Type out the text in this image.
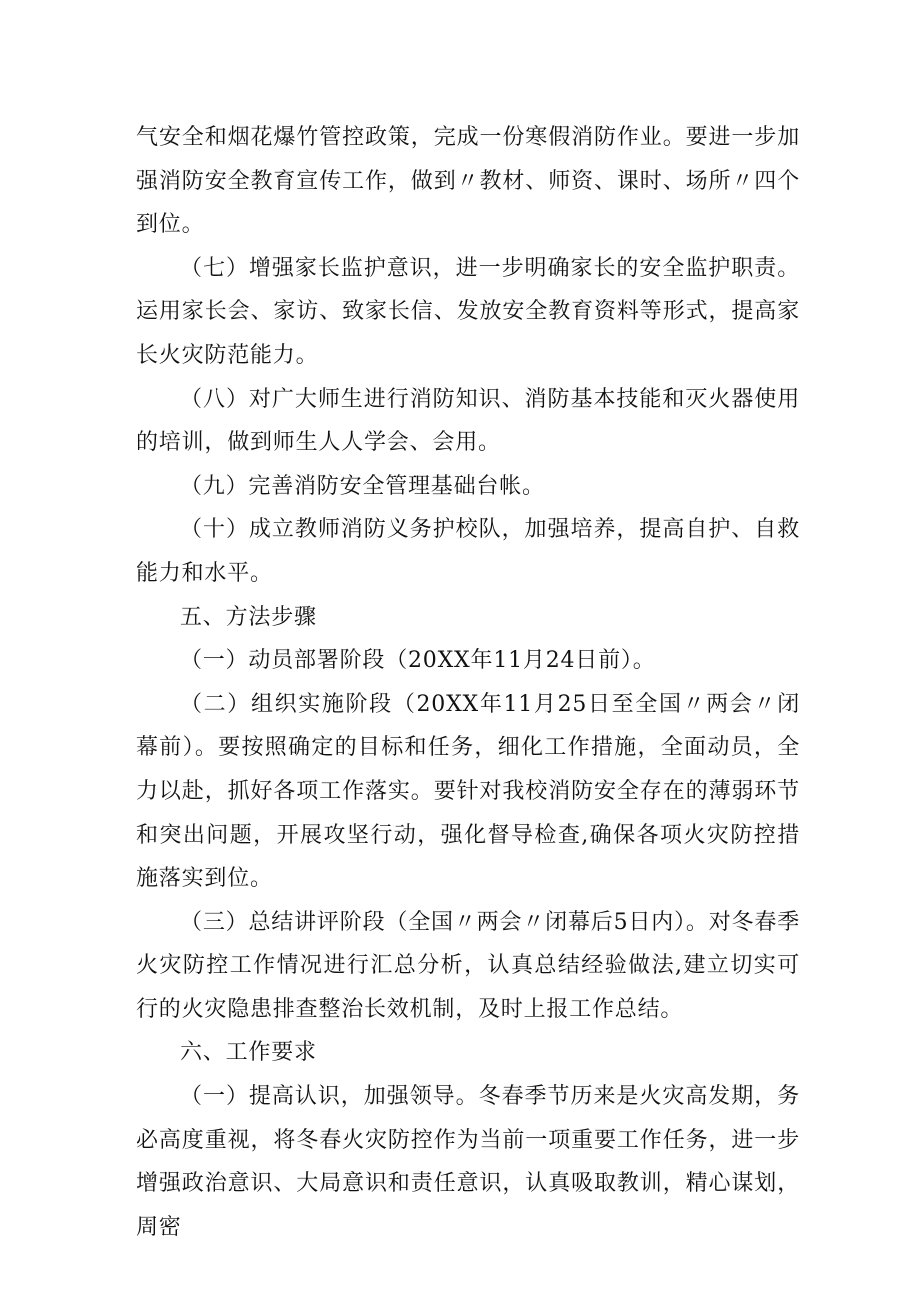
气安全和烟花爆竹管控政策，完成一份寒假消防作业。要进一步加强消防安全教育宣传工作，做到〃教材、师资、课时、场所〃四个到位。

（七）增强家长监护意识，进一步明确家长的安全监护职责。运用家长会、家访、致家长信、发放安全教育资料等形式，提高家长火灾防范能力。

（八）对广大师生进行消防知识、消防基本技能和灭火器使用的培训，做到师生人人学会、会用。

（九）完善消防安全管理基础台帐。

（十）成立教师消防义务护校队，加强培养，提高自护、自救能力和水平。

五、方法步骤

（一）动员部署阶段（20XX年11月24日前）。

（二）组织实施阶段（20XX年11月25日至全国〃两会〃闭幕前）。要按照确定的目标和任务，细化工作措施，全面动员，全力以赴，抓好各项工作落实。要针对我校消防安全存在的薄弱环节和突出问题，开展攻坚行动，强化督导检查,确保各项火灾防控措施落实到位。

（三）总结讲评阶段（全国〃两会〃闭幕后5日内）。对冬春季火灾防控工作情况进行汇总分析，认真总结经验做法,建立切实可行的火灾隐患排查整治长效机制，及时上报工作总结。

六、工作要求

（一）提高认识，加强领导。冬春季节历来是火灾高发期，务必高度重视，将冬春火灾防控作为当前一项重要工作任务，进一步增强政治意识、大局意识和责任意识，认真吸取教训，精心谋划，周密
